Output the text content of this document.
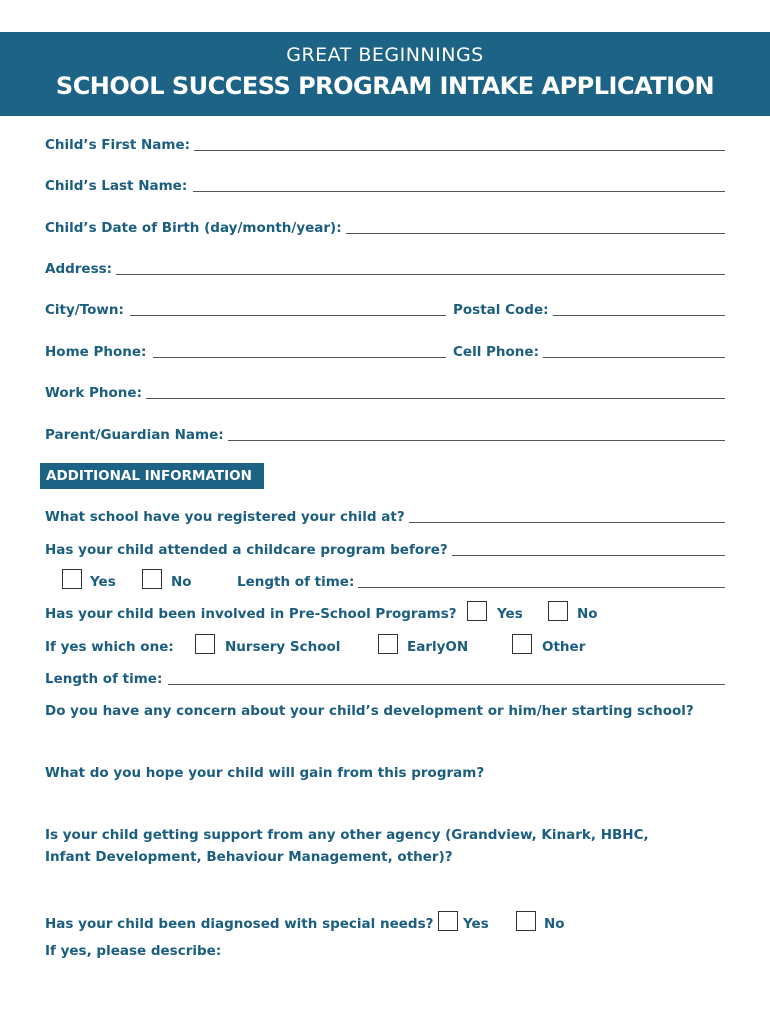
GREAT BEGINNINGS
SCHOOL SUCCESS PROGRAM INTAKE APPLICATION
Child’s First Name:
Child’s Last Name:
Child’s Date of Birth (day/month/year):
Address:
City/Town:	Postal Code:
Home Phone:	Cell Phone:
Work Phone:
Parent/Guardian Name:
ADDITIONAL INFORMATION
What school have you registered your child at?
Has your child attended a childcare program before?
Yes	No	Length of time:
Has your child been involved in Pre-School Programs?	Yes	No
If yes which one:	Nursery School	EarlyON	Other
Length of time:
Do you have any concern about your child’s development or him/her starting school?
What do you hope your child will gain from this program?
Is your child getting support from any other agency (Grandview, Kinark, HBHC,
Infant Development, Behaviour Management, other)?
Has your child been diagnosed with special needs? Yes	No
If yes, please describe:
